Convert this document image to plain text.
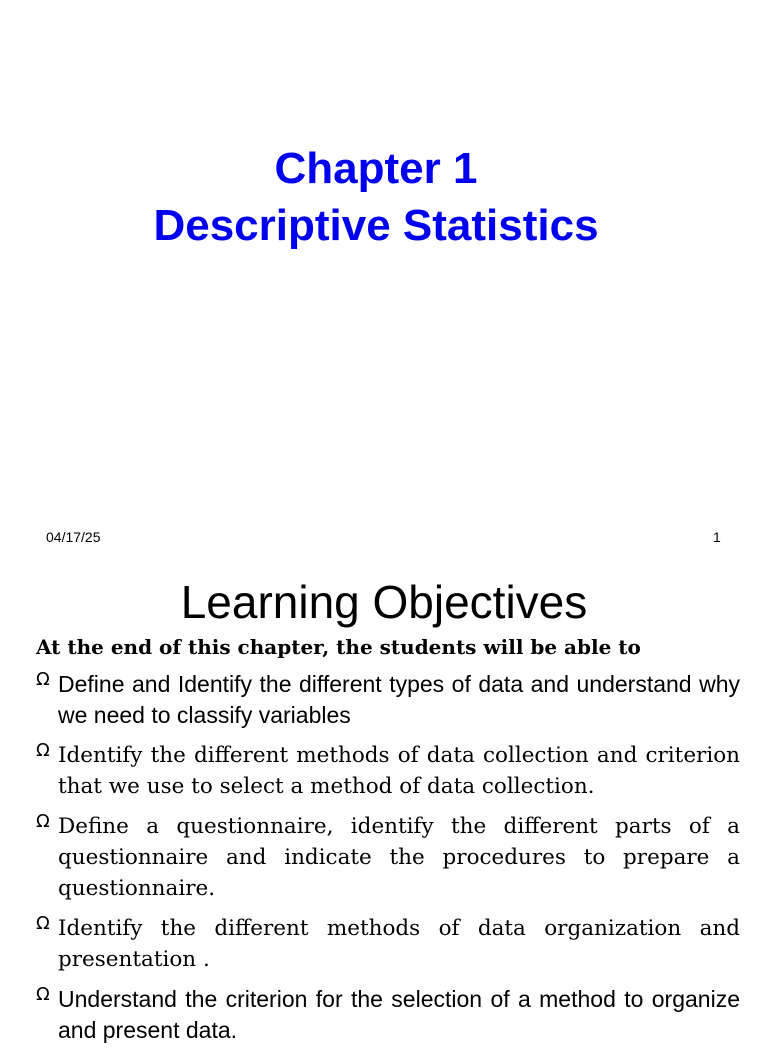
Chapter 1
Descriptive Statistics
04/17/25	1
Learning Objectives
At the end of this chapter, the students will be able to
Ω Define and Identify the different types of data and understand why we need to classify variables
Ω Identify the different methods of data collection and criterion that we use to select a method of data collection.
Ω Define a questionnaire, identify the different parts of a questionnaire and indicate the procedures to prepare a questionnaire.
Ω Identify the different methods of data organization and presentation .
Ω Understand the criterion for the selection of a method to organize and present data.
